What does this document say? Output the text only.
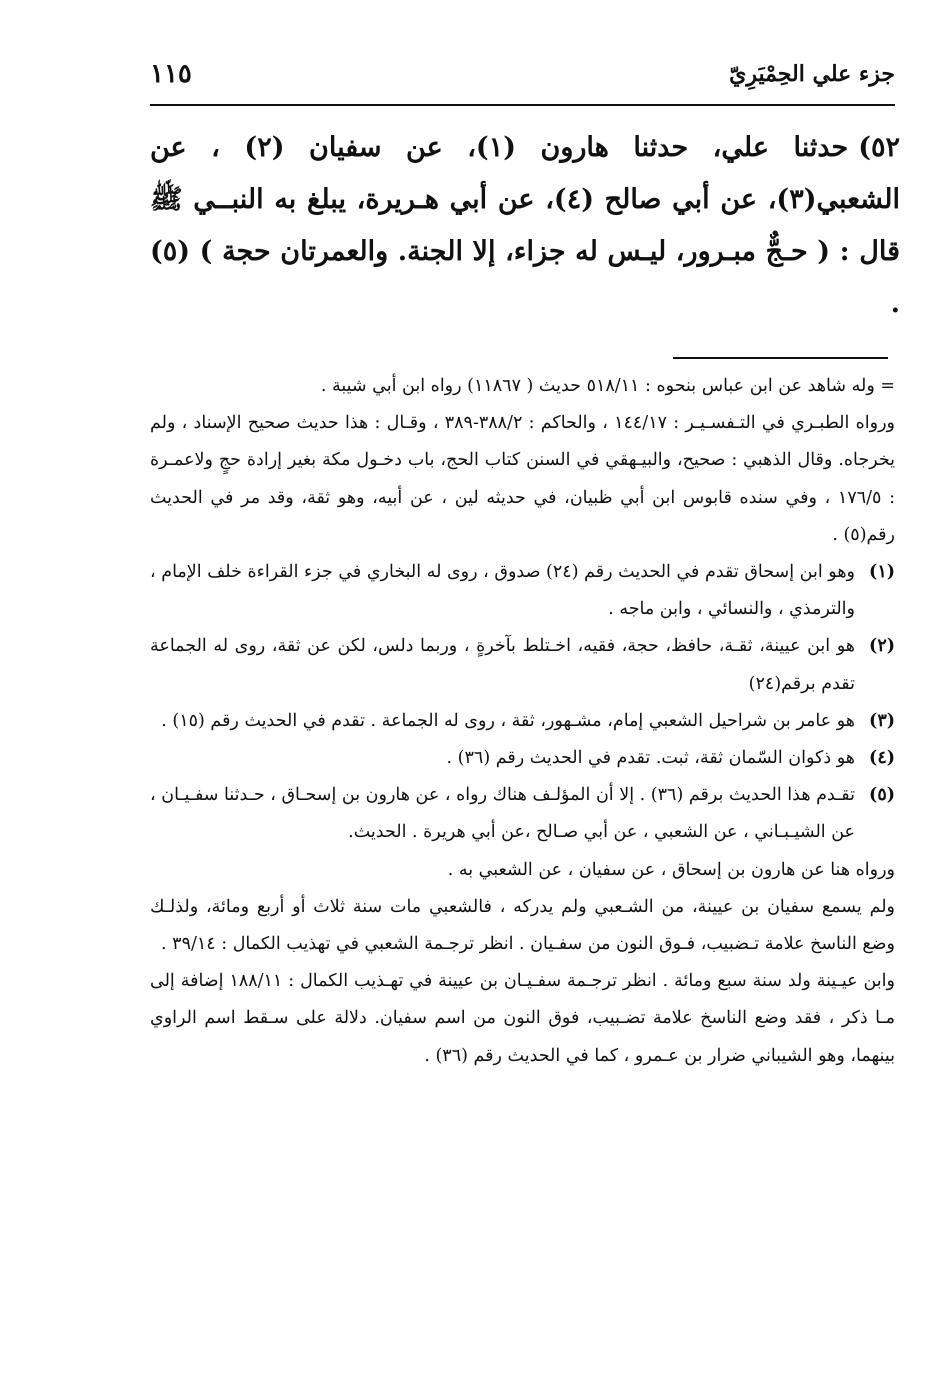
جزء علي الحِمْيَرِيّ
١١٥
٥٢)حدثنا علي، حدثنا هارون (١)، عن سفيان (٢) ، عن الشعبي(٣)، عن أبي صالح (٤)، عن أبي هـريرة، يبلغ به النبــي ﷺ قال : ( حـجٌّ مبـرور، ليـس له جزاء، إلا الجنة. والعمرتان حجة ) (٥) .

= وله شاهد عن ابن عباس بنحوه : ٥١٨/١١ حديث ( ١١٨٦٧) رواه ابن أبي شيبة .

ورواه الطبـري في التـفسـيـر : ١٤٤/١٧ ، والحاكم : ٣٨٨/٢-٣٨٩ ، وقـال : هذا حديث صحيح الإسناد ، ولم يخرجاه. وقال الذهبي : صحيح، والبيـهقي في السنن كتاب الحج، باب دخـول مكة بغير إرادة حجٍ ولاعمـرة : ١٧٦/٥ ، وفي سنده قابوس ابن أبي ظبيان، في حديثه لين ، عن أبيه، وهو ثقة، وقد مر في الحديث رقم(٥) .

(١)
وهو ابن إسحاق تقدم في الحديث رقم (٢٤) صدوق ، روى له البخاري في جزء القراءة خلف الإمام ، والترمذي ، والنسائي ، وابن ماجه .
(٢)
هو ابن عيينة، ثقـة، حافظ، حجة، فقيه، اخـتلط بآخرةٍ ، وربما دلس، لكن عن ثقة، روى له الجماعة تقدم برقم(٢٤)
(٣)
هو عامر بن شراحيل الشعبي إمام، مشـهور، ثقة ، روى له الجماعة . تقدم في الحديث رقم (١٥) .
(٤)
هو ذكوان السّمان ثقة، ثبت. تقدم في الحديث رقم (٣٦) .
(٥)
تقـدم هذا الحديث برقم (٣٦) . إلا أن المؤلـف هناك رواه ، عن هارون بن إسحـاق ، حـدثنا سفـيـان ، عن الشيـبـاني ، عن الشعبي ، عن أبي صـالح ،عن أبي هريرة . الحديث.

ورواه هنا عن هارون بن إسحاق ، عن سفيان ، عن الشعبي به .

ولم يسمع سفيان بن عيينة، من الشـعبي ولم يدركه ، فالشعبي مات سنة ثلاث أو أربع ومائة، ولذلـك وضع الناسخ علامة تـضبيب، فـوق النون من سفـيان . انظر ترجـمة الشعبي في تهذيب الكمال : ٣٩/١٤ .

وابن عيـينة ولد سنة سبع ومائة . انظر ترجـمة سفـيـان بن عيينة في تهـذيب الكمال : ١٨٨/١١ إضافة إلى مـا ذكر ، فقد وضع الناسخ علامة تضـبيب، فوق النون من اسم سفيان. دلالة على سـقط اسم الراوي بينهما، وهو الشيباني ضرار بن عـمرو ، كما في الحديث رقم (٣٦) .
